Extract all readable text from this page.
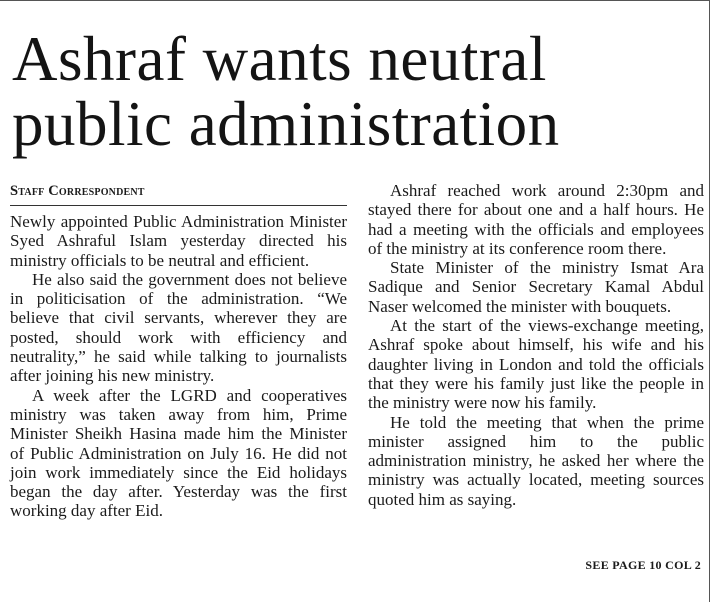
Ashraf wants neutral public administration
Staff Correspondent

Newly appointed Public Administration Minister Syed Ashraful Islam yesterday directed his ministry officials to be neutral and efficient.

He also said the government does not believe in politicisation of the administration. “We believe that civil servants, wherever they are posted, should work with efficiency and neutrality,” he said while talking to journalists after joining his new ministry.

A week after the LGRD and cooperatives ministry was taken away from him, Prime Minister Sheikh Hasina made him the Minister of Public Administration on July 16. He did not join work immediately since the Eid holidays began the day after. Yesterday was the first working day after Eid.

Ashraf reached work around 2:30pm and stayed there for about one and a half hours. He had a meeting with the officials and employees of the ministry at its conference room there.

State Minister of the ministry Ismat Ara Sadique and Senior Secretary Kamal Abdul Naser welcomed the minister with bouquets.

At the start of the views-exchange meeting, Ashraf spoke about himself, his wife and his daughter living in London and told the officials that they were his family just like the people in the ministry were now his family.

He told the meeting that when the prime minister assigned him to the public administration ministry, he asked her where the ministry was actually located, meeting sources quoted him as saying.

SEE PAGE 10 COL 2
